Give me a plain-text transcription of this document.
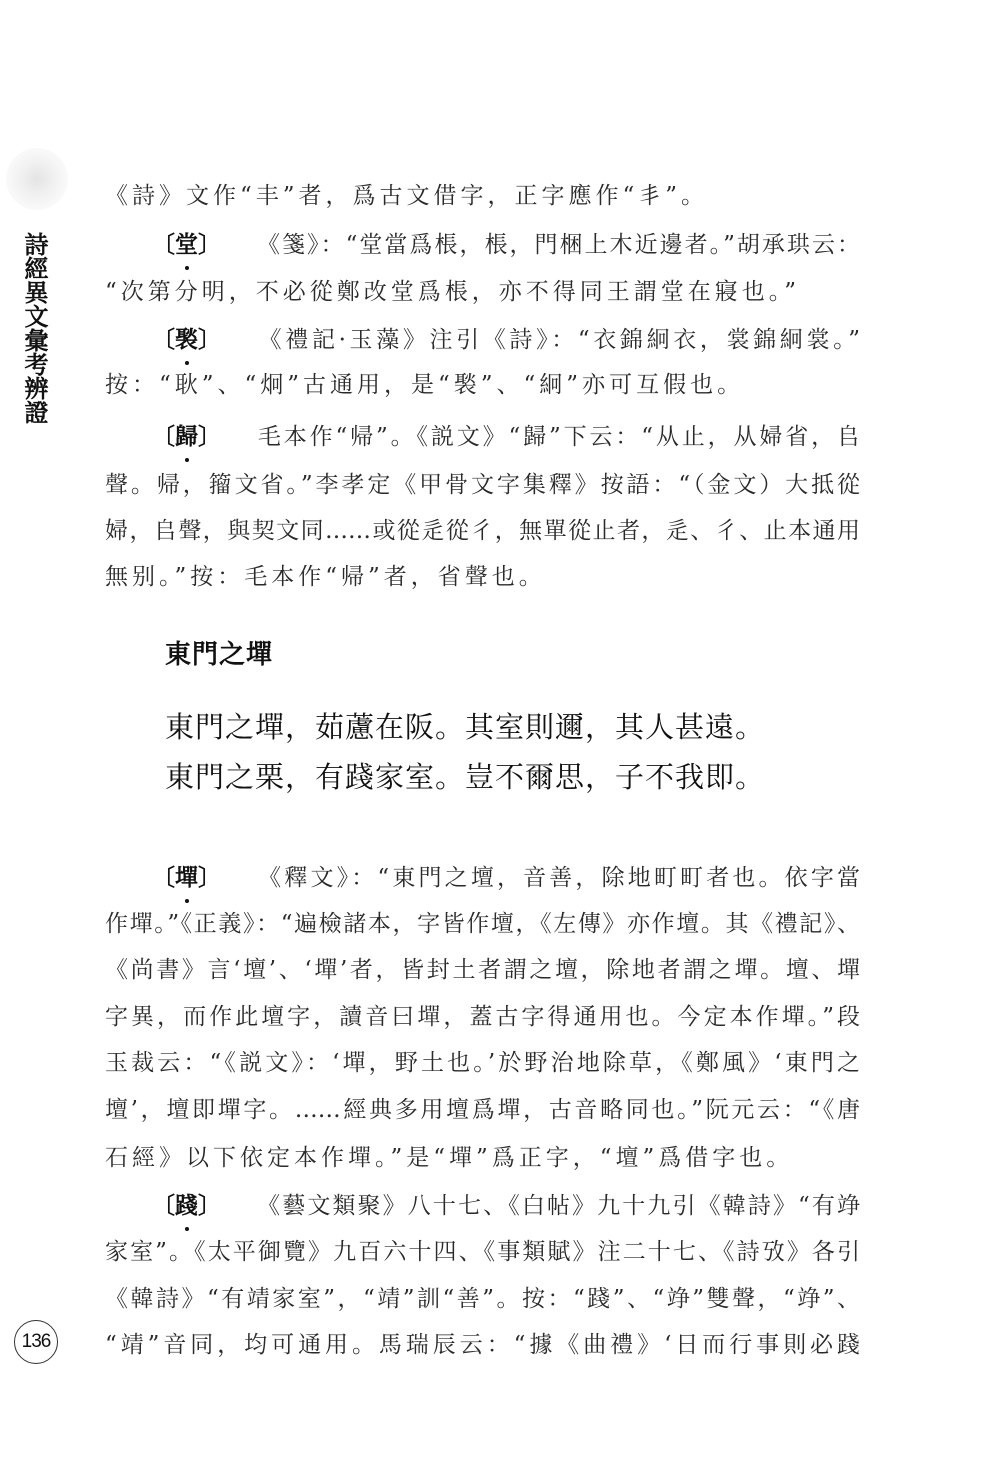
詩經異文彙考辨證
136
《詩》文作“丰”者，爲古文借字，正字應作“丯”。
〔堂〕 《箋》：“堂當爲棖，棖，門梱上木近邊者。”胡承珙云：
“次第分明，不必從鄭改堂爲棖，亦不得同王謂堂在寢也。”
〔褧〕 《禮記·玉藻》注引《詩》：“衣錦絅衣，裳錦絅裳。”
按：“耿”、“炯”古通用，是“褧”、“絅”亦可互假也。
〔歸〕 毛本作“帰”。《説文》“歸”下云：“从止，从婦省，𠂤
聲。帰，籀文省。”李孝定《甲骨文字集釋》按語：“（金文）大抵從
婦，𠂤聲，與契文同……或從辵從彳，無單從止者，辵、彳、止本通用
無别。”按：毛本作“帰”者，省聲也。
東門之墠
東門之墠，茹藘在阪。其室則邇，其人甚遠。
東門之栗，有踐家室。豈不爾思，子不我即。
〔墠〕 《釋文》：“東門之壇，音善，除地町町者也。依字當
作墠。”《正義》：“遍檢諸本，字皆作壇，《左傳》亦作壇。其《禮記》、
《尚書》言‘壇’、‘墠’者，皆封土者謂之壇，除地者謂之墠。壇、墠
字異，而作此壇字，讀音曰墠，蓋古字得通用也。今定本作墠。”段
玉裁云：“《説文》：‘墠，野土也。’於野治地除草，《鄭風》‘東門之
壇’，壇即墠字。……經典多用壇爲墠，古音略同也。”阮元云：“《唐
石經》以下依定本作墠。”是“墠”爲正字，“壇”爲借字也。
〔踐〕 《藝文類聚》八十七、《白帖》九十九引《韓詩》“有竫
家室”。《太平御覽》九百六十四、《事類賦》注二十七、《詩攷》各引
《韓詩》“有靖家室”，“靖”訓“善”。按：“踐”、“竫”雙聲，“竫”、
“靖”音同，均可通用。馬瑞辰云：“據《曲禮》‘日而行事則必踐
